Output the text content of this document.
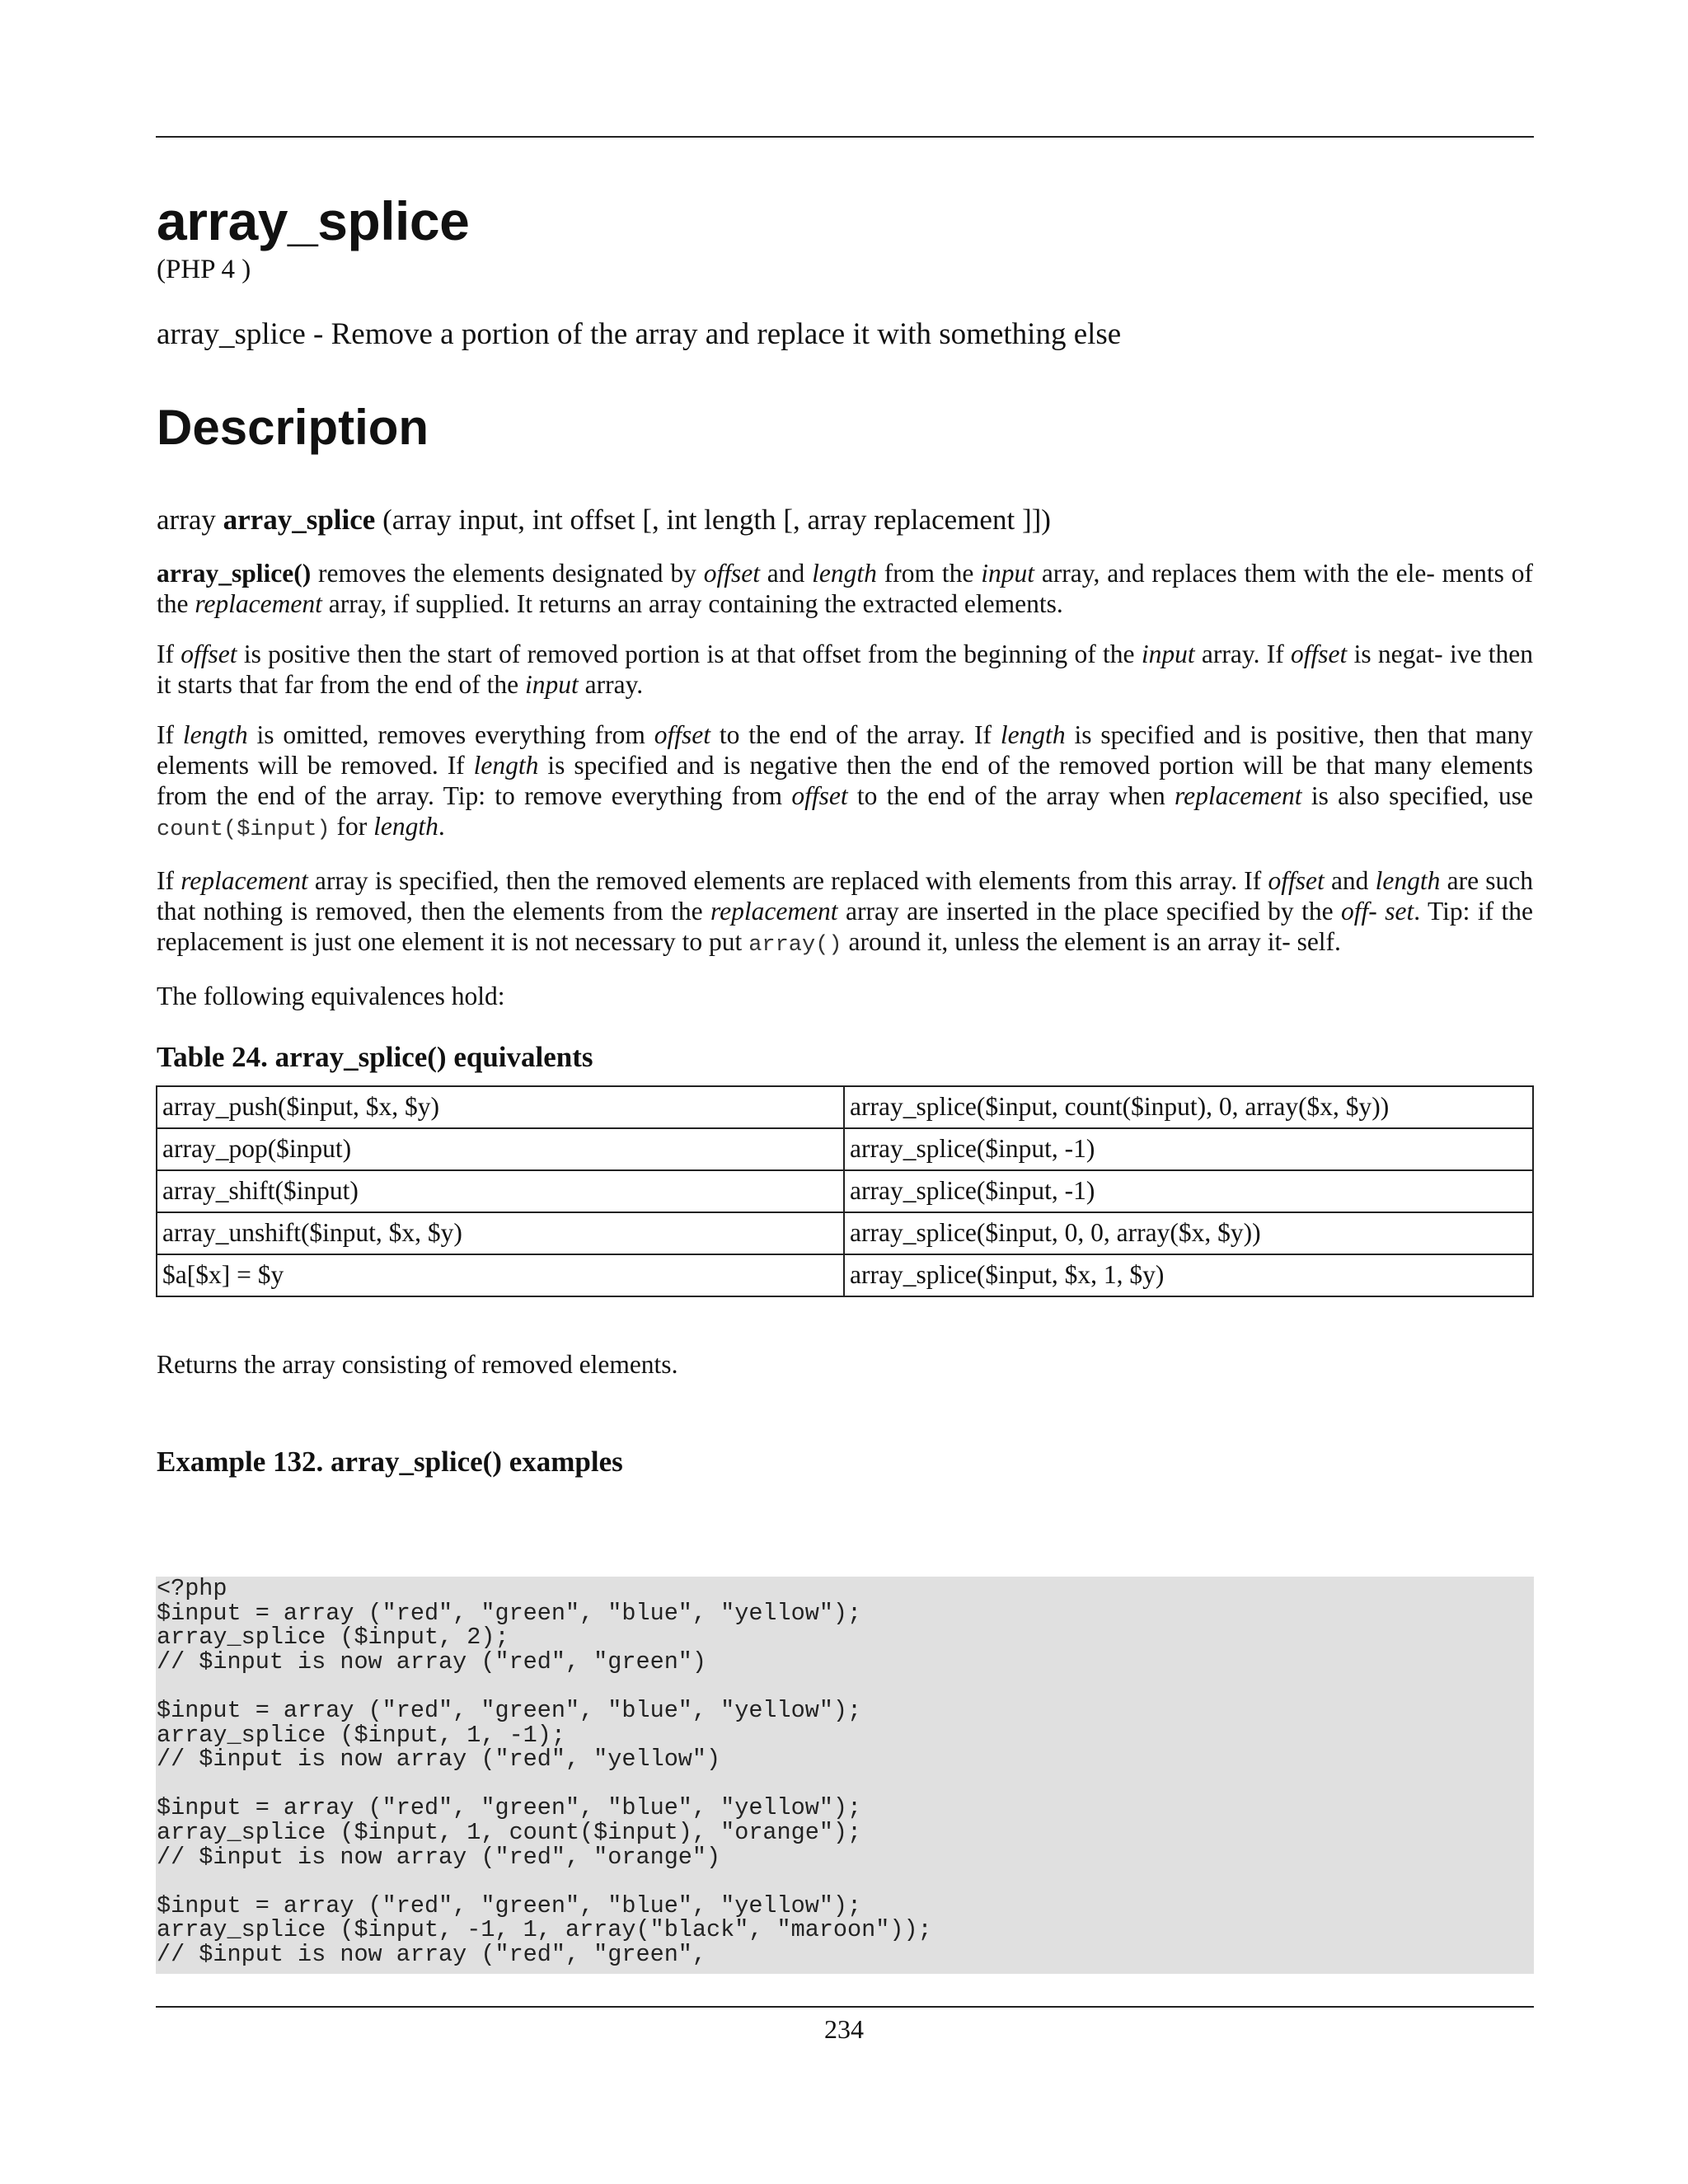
array_splice
(PHP 4 )
array_splice - Remove a portion of the array and replace it with something else
Description
array array_splice (array input, int offset [, int length [, array replacement ]])

array_splice() removes the elements designated by offset and length from the input array, and replaces them with the ele- ments of the replacement array, if supplied. It returns an array containing the extracted elements.

If offset is positive then the start of removed portion is at that offset from the beginning of the input array. If offset is negat- ive then it starts that far from the end of the input array.

If length is omitted, removes everything from offset to the end of the array. If length is specified and is positive, then that many elements will be removed. If length is specified and is negative then the end of the removed portion will be that many elements from the end of the array. Tip: to remove everything from offset to the end of the array when replacement is also specified, use count($input) for length.

If replacement array is specified, then the removed elements are replaced with elements from this array. If offset and length are such that nothing is removed, then the elements from the replacement array are inserted in the place specified by the off- set. Tip: if the replacement is just one element it is not necessary to put array() around it, unless the element is an array it- self.

The following equivalences hold:

Table 24. array_splice() equivalents
array_push($input, $x, $y)	array_splice($input, count($input), 0, array($x, $y))
array_pop($input)	array_splice($input, -1)
array_shift($input)	array_splice($input, -1)
array_unshift($input, $x, $y)	array_splice($input, 0, 0, array($x, $y))
$a[$x] = $y	array_splice($input, $x, 1, $y)
Returns the array consisting of removed elements.
Example 132. array_splice() examples
<?php
$input = array ("red", "green", "blue", "yellow");
array_splice ($input, 2);
// $input is now array ("red", "green")
$input = array ("red", "green", "blue", "yellow");
array_splice ($input, 1, -1);
// $input is now array ("red", "yellow")
$input = array ("red", "green", "blue", "yellow");
array_splice ($input, 1, count($input), "orange");
// $input is now array ("red", "orange")
$input = array ("red", "green", "blue", "yellow");
array_splice ($input, -1, 1, array("black", "maroon"));
// $input is now array ("red", "green",
234
